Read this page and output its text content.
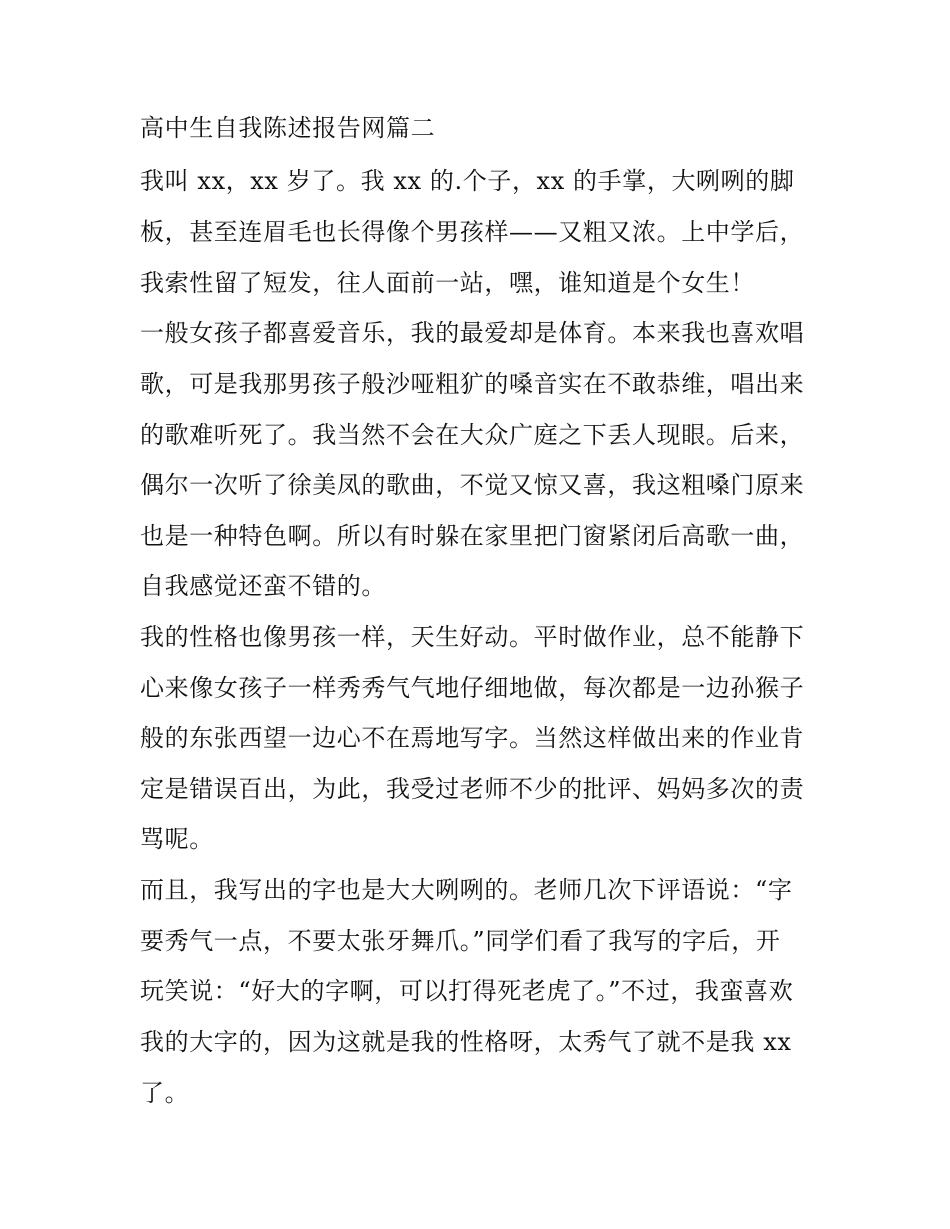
高中生自我陈述报告网篇二
我叫 xx，xx 岁了。我 xx 的.个子，xx 的手掌，大咧咧的脚
板，甚至连眉毛也长得像个男孩样——又粗又浓。上中学后，
我索性留了短发，往人面前一站，嘿，谁知道是个女生！
一般女孩子都喜爱音乐，我的最爱却是体育。本来我也喜欢唱
歌，可是我那男孩子般沙哑粗犷的嗓音实在不敢恭维，唱出来
的歌难听死了。我当然不会在大众广庭之下丢人现眼。后来，
偶尔一次听了徐美凤的歌曲，不觉又惊又喜，我这粗嗓门原来
也是一种特色啊。所以有时躲在家里把门窗紧闭后高歌一曲，
自我感觉还蛮不错的。
我的性格也像男孩一样，天生好动。平时做作业，总不能静下
心来像女孩子一样秀秀气气地仔细地做，每次都是一边孙猴子
般的东张西望一边心不在焉地写字。当然这样做出来的作业肯
定是错误百出，为此，我受过老师不少的批评、妈妈多次的责
骂呢。
而且，我写出的字也是大大咧咧的。老师几次下评语说：“字
要秀气一点，不要太张牙舞爪。”同学们看了我写的字后，开
玩笑说：“好大的字啊，可以打得死老虎了。”不过，我蛮喜欢
我的大字的，因为这就是我的性格呀，太秀气了就不是我 xx
了。
